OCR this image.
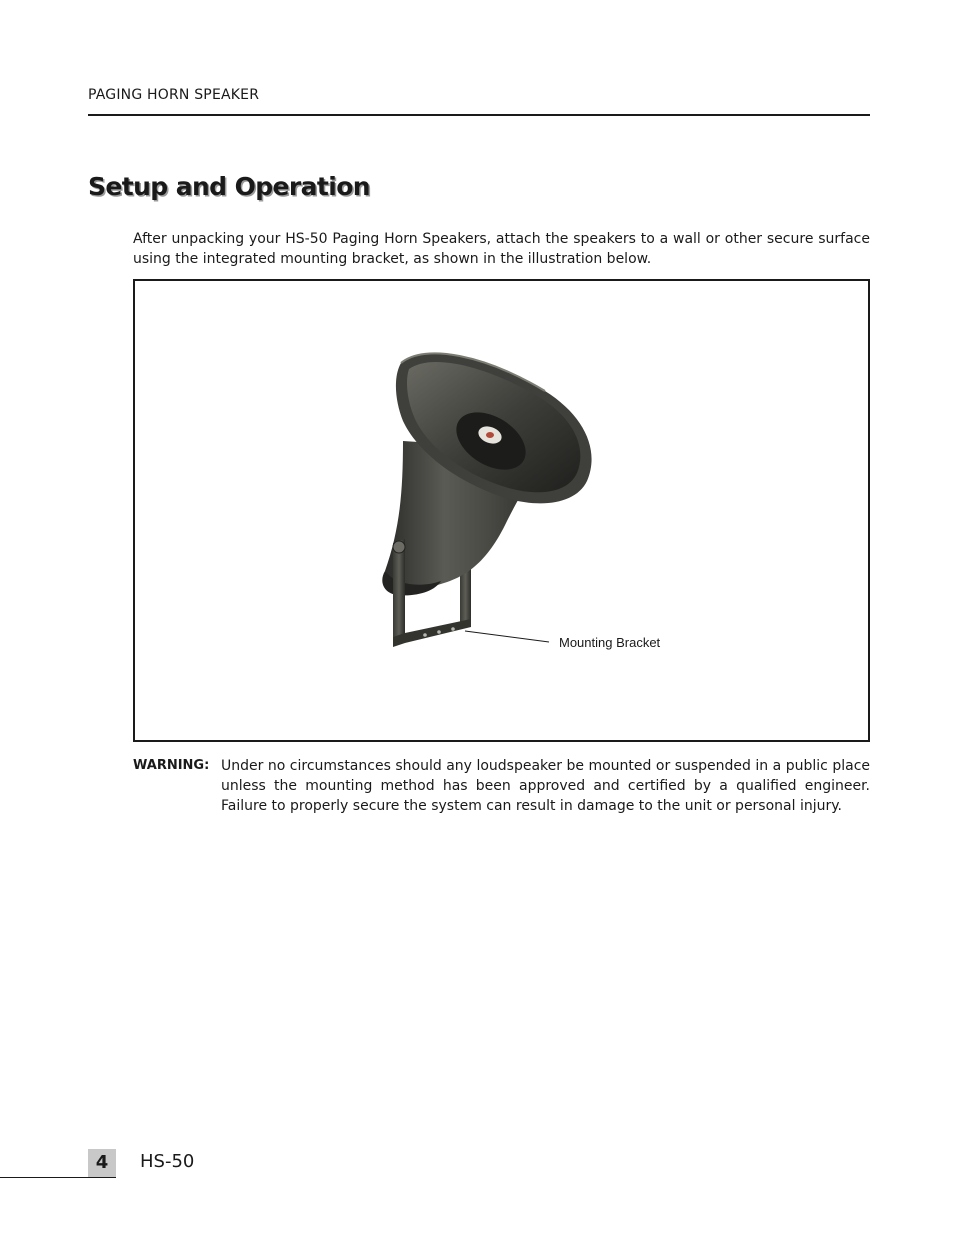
PAGING HORN SPEAKER
Setup and Operation

After unpacking your HS-50 Paging Horn Speakers, attach the speakers to a wall or other secure surface using the integrated mounting bracket, as shown in the illustration below.

Mounting Bracket
WARNING: Under no circumstances should any loudspeaker be mounted or suspended in a public place unless the mounting method has been approved and certified by a qualified engineer. Failure to properly secure the system can result in damage to the unit or personal injury.

4	HS-50
